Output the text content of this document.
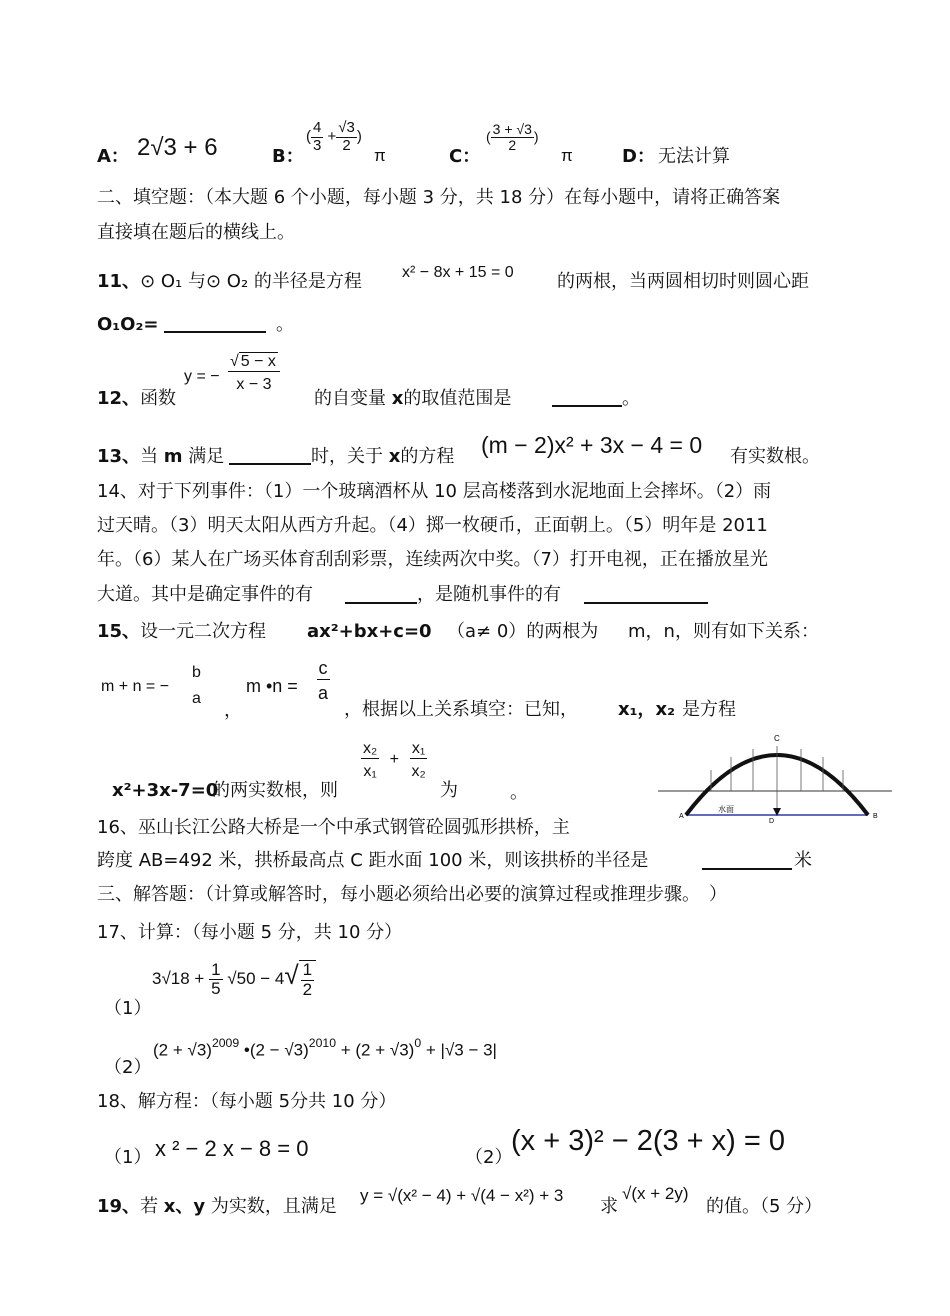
A： 2√3 + 6	B：
( $\frac{4}{3} + \frac{√3}{2}$ )
π	C：
( $\frac{3 + √3}{2}$ )
π	D： 无法计算
二、填空题：（本大题 6 个小题，每小题 3 分，共 18 分）在每小题中，请将正确答案
直接填在题后的横线上。
11、⊙ O₁ 与⊙ O₂ 的半径是方程	x² − 8x + 15 = 0 的两根，当两圆相切时则圆心距
O₁O₂=	。
12、函数
y = −
√ $\frac{5 - x}{x - 3}$
的自变量 x的取值范围是	。
13、当 m 满足	时，关于 x的方程 (m − 2)x² + 3x − 4 = 0 有实数根。
14、对于下列事件：（1）一个玻璃酒杯从 10 层高楼落到水泥地面上会摔坏。（2）雨
过天晴。（3）明天太阳从西方升起。（4）掷一枚硬币，正面朝上。（5）明年是 2011
年。（6）某人在广场买体育刮刮彩票，连续两次中奖。（7）打开电视，正在播放星光
大道。其中是确定事件的有	，是随机事件的有
15、设一元二次方程 ax²+bx+c=0 （a≠ 0）的两根为 m，n，则有如下关系：
m + n = −
b
a
，
m •n = $\frac{c}{a}$
，根据以上关系填空：已知， x₁，x₂ 是方程
x²+3x-7=0
的两实数根，则
$\frac{\text{x₂}}{\text{x₁}} + \frac{\text{x₁}}{\text{x₂}}$
为	。
C
A	B
D
水面
16、巫山长江公路大桥是一个中承式钢管砼圆弧形拱桥，主
跨度 AB=492 米，拱桥最高点 C 距水面 100 米，则该拱桥的半径是	米
三、解答题：（计算或解答时，每小题必须给出必要的演算过程或推理步骤。　）
17、计算：（每小题 5 分，共 10 分）
（1）
$3√18 + \frac{1}{5} √50 - 4√ \frac{1}{2}$
（2）
$(2 + √3)^{2009}$ •(2 − $√3)^{2010} + (2 + √3)^0 + |√3 - 3|$
18、解方程：（每小题 5分共 10 分）
（1） x ² − 2 x − 8 = 0	（2）
(x + 3)² − 2(3 + x) = 0
19、若 x、y 为实数，且满足
y = √(x² − 4) + √(4 − x²) + 3
求
√(x + 2y)
的值。（5 分）
